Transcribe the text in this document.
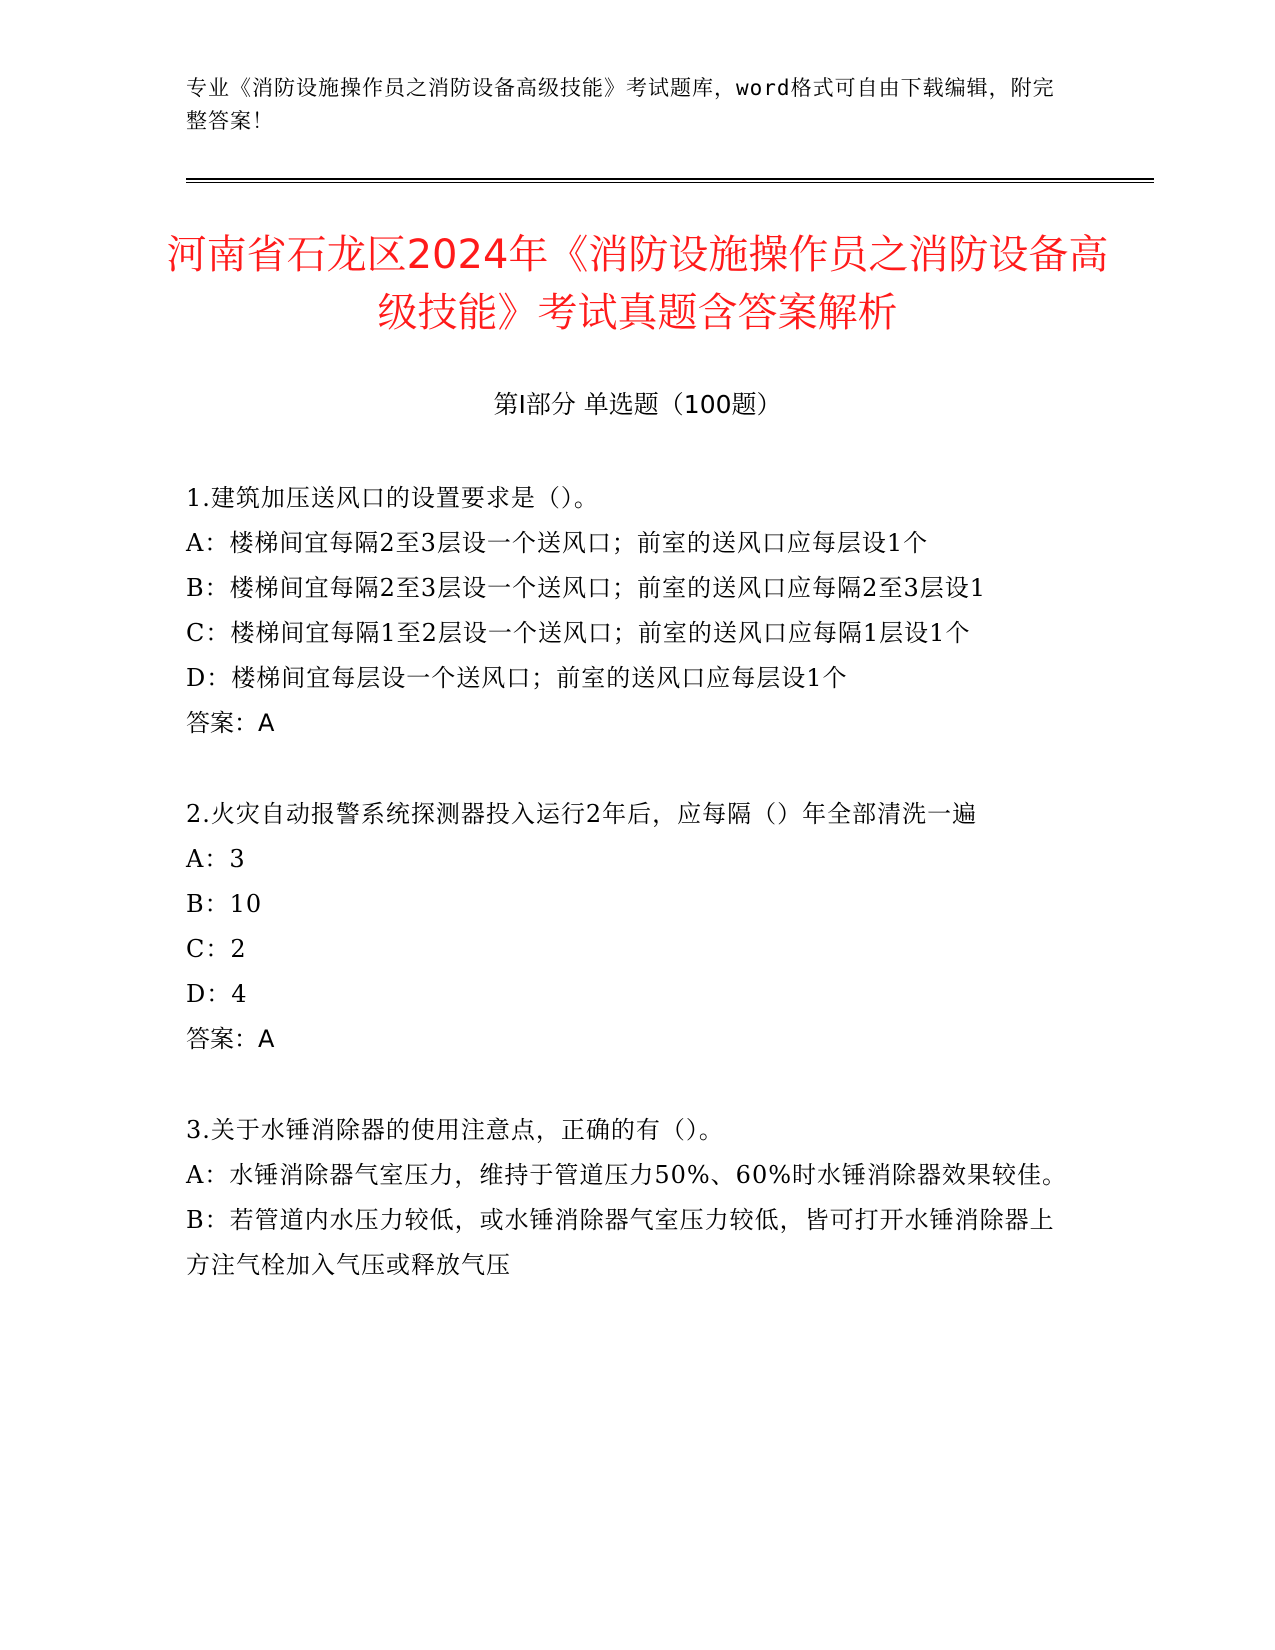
专业《消防设施操作员之消防设备高级技能》考试题库，word格式可自由下载编辑，附完整答案！
河南省石龙区2024年《消防设施操作员之消防设备高级技能》考试真题含答案解析
第Ⅰ部分 单选题（100题）
1.建筑加压送风口的设置要求是（）。
A：楼梯间宜每隔2至3层设一个送风口；前室的送风口应每层设1个
B：楼梯间宜每隔2至3层设一个送风口；前室的送风口应每隔2至3层设1
C：楼梯间宜每隔1至2层设一个送风口；前室的送风口应每隔1层设1个
D：楼梯间宜每层设一个送风口；前室的送风口应每层设1个
答案：A
2.火灾自动报警系统探测器投入运行2年后，应每隔（）年全部清洗一遍
A：3
B：10
C：2
D：4
答案：A
3.关于水锤消除器的使用注意点，正确的有（）。
A：水锤消除器气室压力，维持于管道压力50%、60%时水锤消除器效果较佳。
B：若管道内水压力较低，或水锤消除器气室压力较低，皆可打开水锤消除器上方注气栓加入气压或释放气压
